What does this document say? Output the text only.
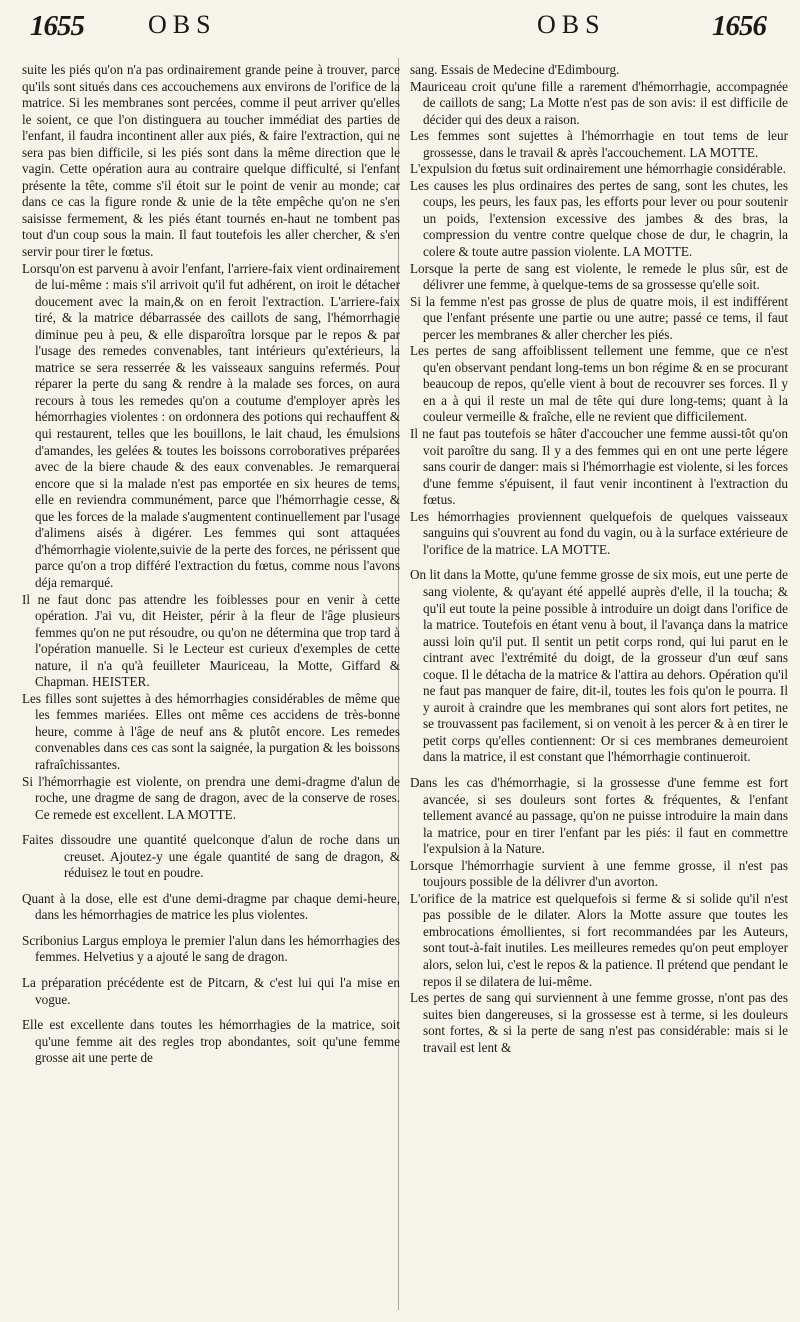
1655 OBS	OBS	1656

suite les piés qu'on n'a pas ordinairement grande peine à trouver, parce qu'ils sont situés dans ces accouchemens aux environs de l'orifice de la matrice. Si les membranes sont percées, comme il peut arriver qu'elles le soient, ce que l'on distinguera au toucher immédiat des parties de l'enfant, il faudra incontinent aller aux piés, & faire l'extraction, qui ne sera pas bien difficile, si les piés sont dans la même direction que le vagin. Cette opération aura au contraire quelque difficulté, si l'enfant présente la tête, comme s'il étoit sur le point de venir au monde; car dans ce cas la figure ronde & unie de la tête empêche qu'on ne s'en saisisse fermement, & les piés étant tournés en-haut ne tombent pas tout d'un coup sous la main. Il faut toutefois les aller chercher, & s'en servir pour tirer le fœtus.

Lorsqu'on est parvenu à avoir l'enfant, l'arriere-faix vient ordinairement de lui-même : mais s'il arrivoit qu'il fut adhérent, on iroit le détacher doucement avec la main,& on en feroit l'extraction. L'arriere-faix tiré, & la matrice débarrassée des caillots de sang, l'hémorrhagie diminue peu à peu, & elle disparoîtra lorsque par le repos & par l'usage des remedes convenables, tant intérieurs qu'extérieurs, la matrice se sera resserrée & les vaisseaux sanguins refermés. Pour réparer la perte du sang & rendre à la malade ses forces, on aura recours à tous les remedes qu'on a coutume d'employer après les hémorrhagies violentes : on ordonnera des potions qui rechauffent & qui restaurent, telles que les bouillons, le lait chaud, les émulsions d'amandes, les gelées & toutes les boissons corroboratives préparées avec de la biere chaude & des eaux convenables. Je remarquerai encore que si la malade n'est pas emportée en six heures de tems, elle en reviendra communément, parce que l'hémorrhagie cesse, & que les forces de la malade s'augmentent continuellement par l'usage d'alimens aisés à digérer. Les femmes qui sont attaquées d'hémorrhagie violente,suivie de la perte des forces, ne périssent que parce qu'on a trop différé l'extraction du fœtus, comme nous l'avons déja remarqué.

Il ne faut donc pas attendre les foiblesses pour en venir à cette opération. J'ai vu, dit Heister, périr à la fleur de l'âge plusieurs femmes qu'on ne put résoudre, ou qu'on ne détermina que trop tard à l'opération manuelle. Si le Lecteur est curieux d'exemples de cette nature, il n'a qu'à feuilleter Mauriceau, la Motte, Giffard & Chapman. HEISTER.

Les filles sont sujettes à des hémorrhagies considérables de même que les femmes mariées. Elles ont même ces accidens de très-bonne heure, comme à l'âge de neuf ans & plutôt encore. Les remedes convenables dans ces cas sont la saignée, la purgation & les boissons rafraîchissantes.

Si l'hémorrhagie est violente, on prendra une demi-dragme d'alun de roche, une dragme de sang de dragon, avec de la conserve de roses. Ce remede est excellent. LA MOTTE.

Faites dissoudre une quantité quelconque d'alun de roche dans un creuset. Ajoutez-y une égale quantité de sang de dragon, & réduisez le tout en poudre.

Quant à la dose, elle est d'une demi-dragme par chaque demi-heure, dans les hémorrhagies de matrice les plus violentes.

Scribonius Largus employa le premier l'alun dans les hémorrhagies des femmes. Helvetius y a ajouté le sang de dragon.

La préparation précédente est de Pitcarn, & c'est lui qui l'a mise en vogue.

Elle est excellente dans toutes les hémorrhagies de la matrice, soit qu'une femme ait des regles trop abondantes, soit qu'une femme grosse ait une perte de

sang. Essais de Medecine d'Edimbourg.

Mauriceau croit qu'une fille a rarement d'hémorrhagie, accompagnée de caillots de sang; La Motte n'est pas de son avis: il est difficile de décider qui des deux a raison.

Les femmes sont sujettes à l'hémorrhagie en tout tems de leur grossesse, dans le travail & après l'accouchement. LA MOTTE.

L'expulsion du fœtus suit ordinairement une hémorrhagie considérable.

Les causes les plus ordinaires des pertes de sang, sont les chutes, les coups, les peurs, les faux pas, les efforts pour lever ou pour soutenir un poids, l'extension excessive des jambes & des bras, la compression du ventre contre quelque chose de dur, le chagrin, la colere & toute autre passion violente. LA MOTTE.

Lorsque la perte de sang est violente, le remede le plus sûr, est de délivrer une femme, à quelque-tems de sa grossesse qu'elle soit.

Si la femme n'est pas grosse de plus de quatre mois, il est indifférent que l'enfant présente une partie ou une autre; passé ce tems, il faut percer les membranes & aller chercher les piés.

Les pertes de sang affoiblissent tellement une femme, que ce n'est qu'en observant pendant long-tems un bon régime & en se procurant beaucoup de repos, qu'elle vient à bout de recouvrer ses forces. Il y en a à qui il reste un mal de tête qui dure long-tems; quant à la couleur vermeille & fraîche, elle ne revient que difficilement.

Il ne faut pas toutefois se hâter d'accoucher une femme aussi-tôt qu'on voit paroître du sang. Il y a des femmes qui en ont une perte légere sans courir de danger: mais si l'hémorrhagie est violente, si les forces d'une femme s'épuisent, il faut venir incontinent à l'extraction du fœtus.

Les hémorrhagies proviennent quelquefois de quelques vaisseaux sanguins qui s'ouvrent au fond du vagin, ou à la surface extérieure de l'orifice de la matrice. LA MOTTE.

On lit dans la Motte, qu'une femme grosse de six mois, eut une perte de sang violente, & qu'ayant été appellé auprès d'elle, il la toucha; & qu'il eut toute la peine possible à introduire un doigt dans l'orifice de la matrice. Toutefois en étant venu à bout, il l'avança dans la matrice aussi loin qu'il put. Il sentit un petit corps rond, qui lui parut en le cintrant avec l'extrémité du doigt, de la grosseur d'un œuf sans coque. Il le détacha de la matrice & l'attira au dehors. Opération qu'il ne faut pas manquer de faire, dit-il, toutes les fois qu'on le pourra. Il y auroit à craindre que les membranes qui sont alors fort petites, ne se trouvassent pas facilement, si on venoit à les percer & à en tirer le petit corps qu'elles contiennent: Or si ces membranes demeuroient dans la matrice, il est constant que l'hémorrhagie continueroit.

Dans les cas d'hémorrhagie, si la grossesse d'une femme est fort avancée, si ses douleurs sont fortes & fréquentes, & l'enfant tellement avancé au passage, qu'on ne puisse introduire la main dans la matrice, pour en tirer l'enfant par les piés: il faut en commettre l'expulsion à la Nature.

Lorsque l'hémorrhagie survient à une femme grosse, il n'est pas toujours possible de la délivrer d'un avorton.

L'orifice de la matrice est quelquefois si ferme & si solide qu'il n'est pas possible de le dilater. Alors la Motte assure que toutes les embrocations émollientes, si fort recommandées par les Auteurs, sont tout-à-fait inutiles. Les meilleures remedes qu'on peut employer alors, selon lui, c'est le repos & la patience. Il prétend que pendant le repos il se dilatera de lui-même.

Les pertes de sang qui surviennent à une femme grosse, n'ont pas des suites bien dangereuses, si la grossesse est à terme, si les douleurs sont fortes, & si la perte de sang n'est pas considérable: mais si le travail est lent &
